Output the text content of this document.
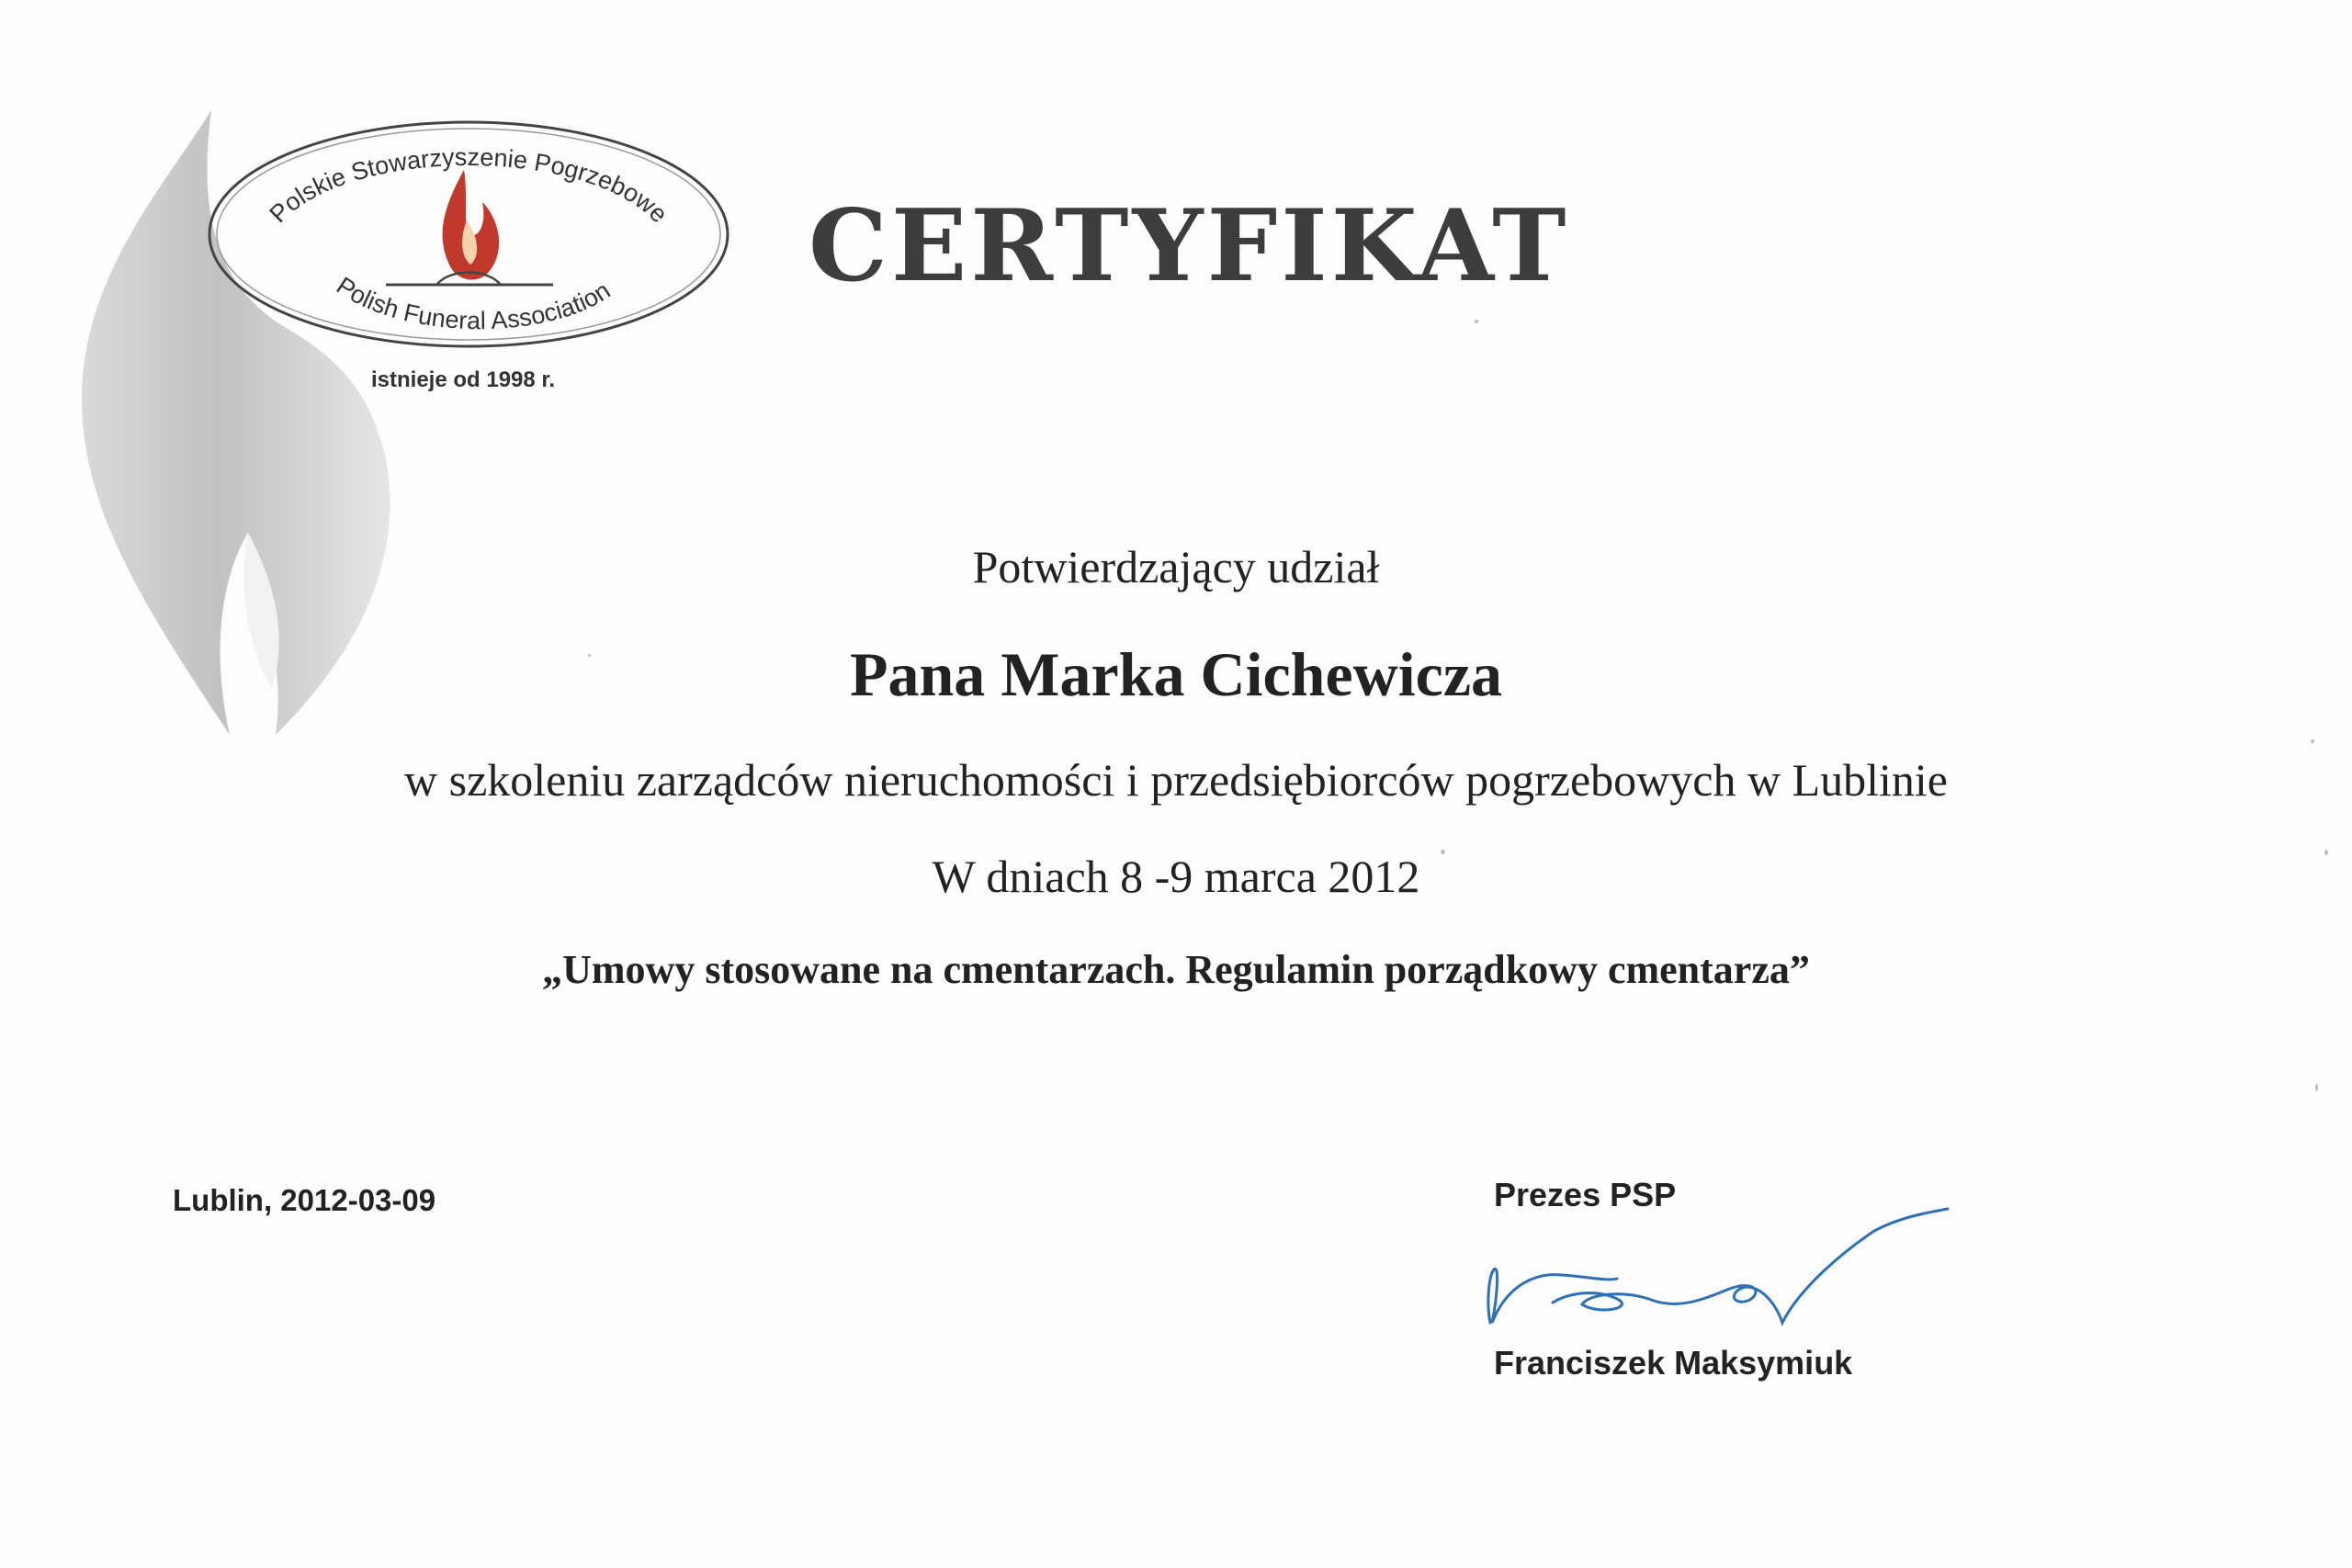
Polskie Stowarzyszenie Pogrzebowe
Polish Funeral Association
istnieje od 1998 r.
CERTYFIKAT
Potwierdzający udział
Pana Marka Cichewicza
w szkoleniu zarządców nieruchomości i przedsiębiorców pogrzebowych w Lublinie
W dniach 8 -9 marca 2012
„Umowy stosowane na cmentarzach. Regulamin porządkowy cmentarza”
Lublin, 2012-03-09	Prezes PSP
Franciszek Maksymiuk
